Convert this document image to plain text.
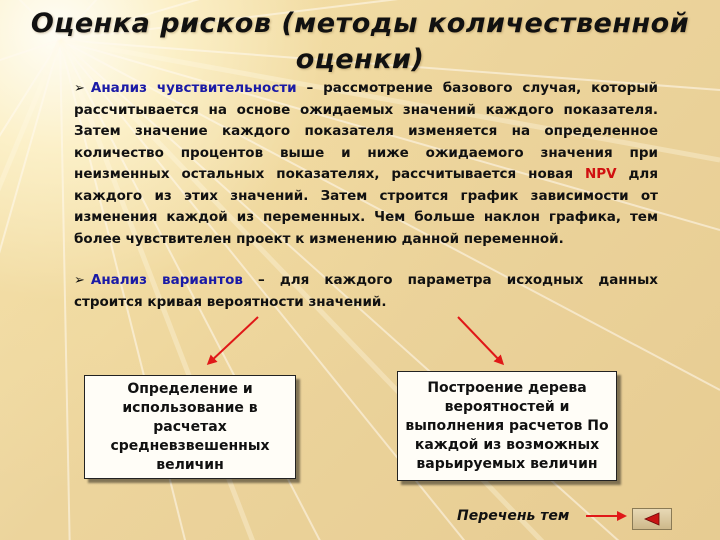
Оценка рисков (методы количественной
оценки)

➢ Анализ чувствительности – рассмотрение базового случая, который рассчитывается на основе ожидаемых значений каждого показателя. Затем значение каждого показателя изменяется на определенное количество процентов выше и ниже ожидаемого значения при неизменных остальных показателях, рассчитывается новая NPV для каждого из этих значений. Затем строится график зависимости от изменения каждой из переменных. Чем больше наклон графика, тем более чувствителен проект к изменению данной переменной.

➢ Анализ вариантов – для каждого параметра исходных данных строится кривая вероятности значений.

Определение и использование в расчетах средневзвешенных величин
Построение дерева вероятностей и выполнения расчетов По каждой из возможных варьируемых величин
Перечень тем
